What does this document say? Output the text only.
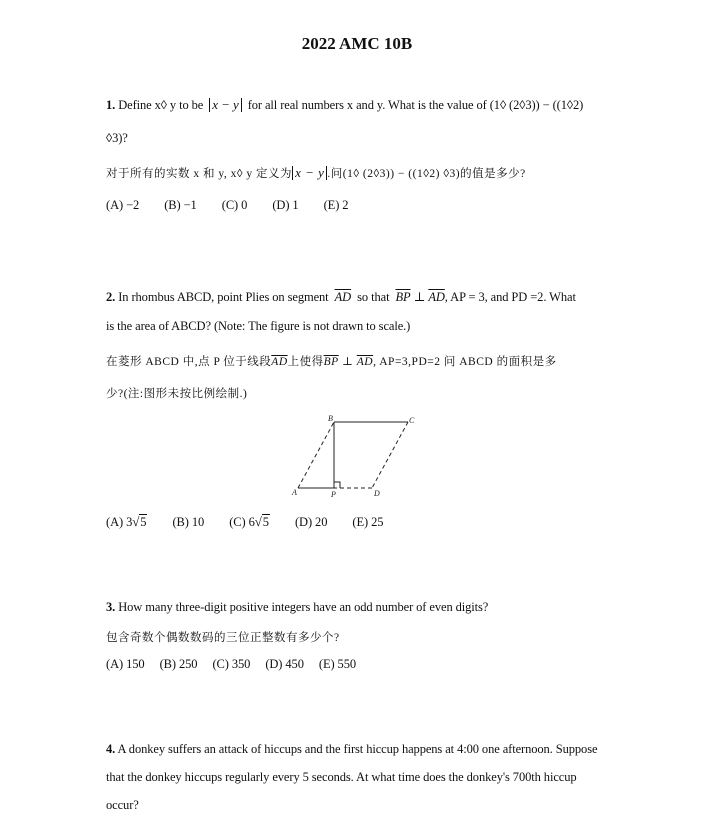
2022 AMC 10B
1. Define x◊ y to be x − y for all real numbers x and y. What is the value of (1◊ (2◊3)) − ((1◊2)
◊3)?
对于所有的实数 x 和 y, x◊ y 定义为 x − y .问(1◊ (2◊3)) − ((1◊2) ◊3)的值是多少?
(A) −2 (B) −1 (C) 0 (D) 1 (E) 2
2. In rhombus ABCD, point Plies on segment $\overline{AD}$ so that $\overline{BP}$ ⊥ $\overline{AD}$, AP = 3, and PD =2. What
is the area of ABCD? (Note: The figure is not drawn to scale.)
在菱形 ABCD 中,点 P 位于线段$\overline{AD}$上使得$\overline{BP}$ ⊥ $\overline{AD}$, AP=3,PD=2 问 ABCD 的面积是多
少?(注:图形未按比例绘制.)
A
B	C
D
P
(A) 3√5 (B) 10 (C) 6√5 (D) 20 (E) 25
3. How many three-digit positive integers have an odd number of even digits?
包含奇数个偶数数码的三位正整数有多少个?
(A) 150 (B) 250 (C) 350 (D) 450 (E) 550
4. A donkey suffers an attack of hiccups and the first hiccup happens at 4:00 one afternoon. Suppose
that the donkey hiccups regularly every 5 seconds. At what time does the donkey's 700th hiccup
occur?
